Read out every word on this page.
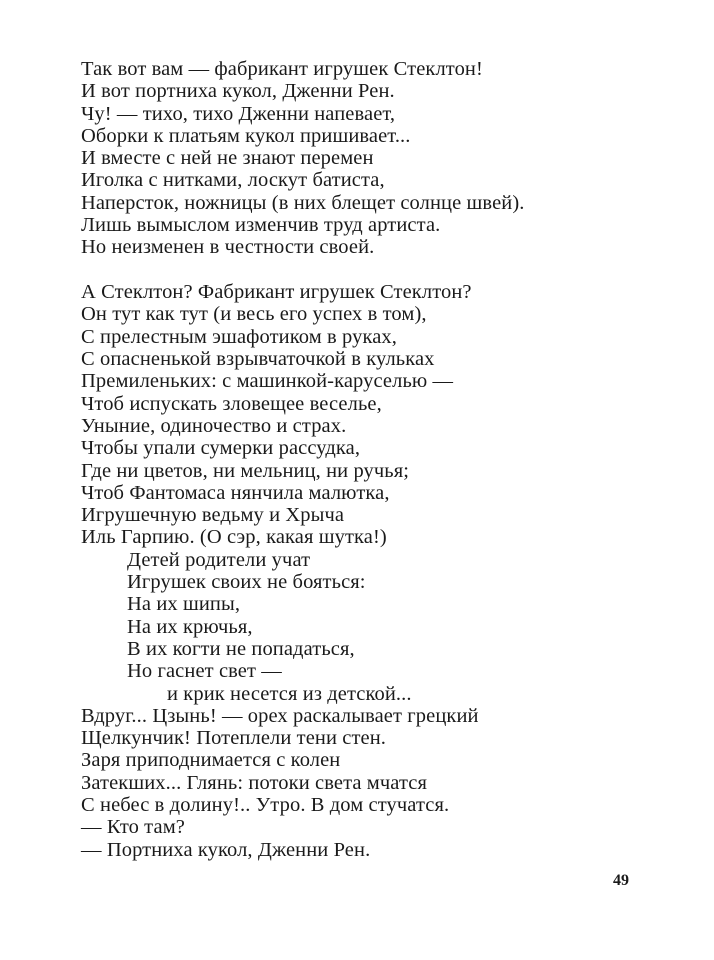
Так вот вам — фабрикант игрушек Стеклтон!
И вот портниха кукол, Дженни Рен.
Чу! — тихо, тихо Дженни напевает,
Оборки к платьям кукол пришивает...
И вместе с ней не знают перемен
Иголка с нитками, лоскут батиста,
Наперсток, ножницы (в них блещет солнце швей).
Лишь вымыслом изменчив труд артиста.
Но неизменен в честности своей.
А Стеклтон? Фабрикант игрушек Стеклтон?
Он тут как тут (и весь его успех в том),
С прелестным эшафотиком в руках,
С опасненькой взрывчаточкой в кульках
Премиленьких: с машинкой-каруселью —
Чтоб испускать зловещее веселье,
Уныние, одиночество и страх.
Чтобы упали сумерки рассудка,
Где ни цветов, ни мельниц, ни ручья;
Чтоб Фантомаса нянчила малютка,
Игрушечную ведьму и Хрыча
Иль Гарпию. (О сэр, какая шутка!)
Детей родители учат
Игрушек своих не бояться:
На их шипы,
На их крючья,
В их когти не попадаться,
Но гаснет свет —
и крик несется из детской...
Вдруг... Цзынь! — орех раскалывает грецкий
Щелкунчик! Потеплели тени стен.
Заря приподнимается с колен
Затекших... Глянь: потоки света мчатся
С небес в долину!.. Утро. В дом стучатся.
— Кто там?
— Портниха кукол, Дженни Рен.
49
